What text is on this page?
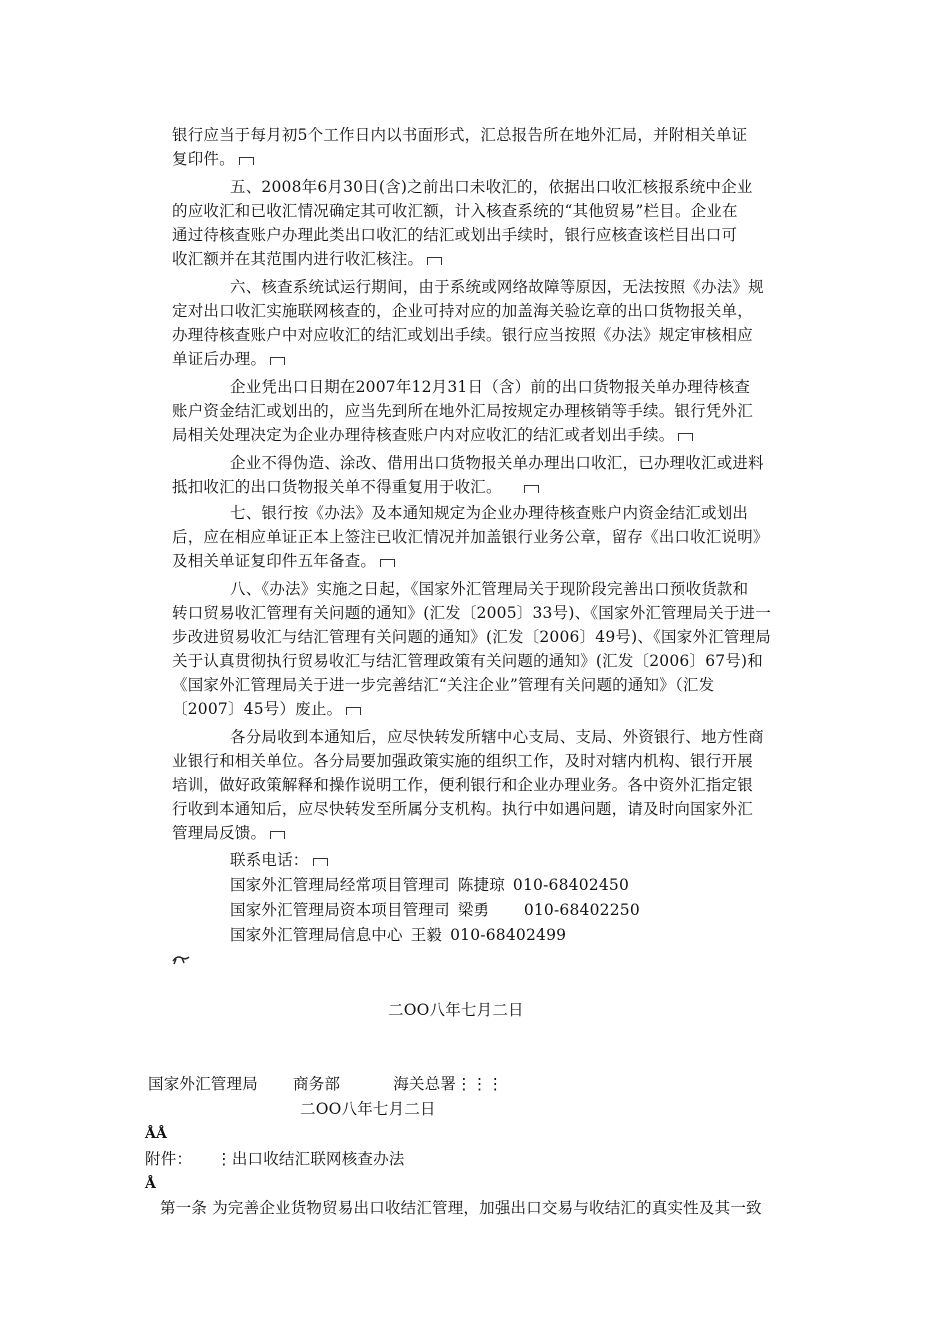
银行应当于每月初5个工作日内以书面形式，汇总报告所在地外汇局，并附相关单证
复印件。
五、2008年6月30日(含)之前出口未收汇的，依据出口收汇核报系统中企业
的应收汇和已收汇情况确定其可收汇额，计入核查系统的“其他贸易”栏目。企业在
通过待核查账户办理此类出口收汇的结汇或划出手续时，银行应核查该栏目出口可
收汇额并在其范围内进行收汇核注。
六、核查系统试运行期间，由于系统或网络故障等原因，无法按照《办法》规
定对出口收汇实施联网核查的，企业可持对应的加盖海关验讫章的出口货物报关单，
办理待核查账户中对应收汇的结汇或划出手续。银行应当按照《办法》规定审核相应
单证后办理。
企业凭出口日期在2007年12月31日（含）前的出口货物报关单办理待核查
账户资金结汇或划出的，应当先到所在地外汇局按规定办理核销等手续。银行凭外汇
局相关处理决定为企业办理待核查账户内对应收汇的结汇或者划出手续。
企业不得伪造、涂改、借用出口货物报关单办理出口收汇，已办理收汇或进料
抵扣收汇的出口货物报关单不得重复用于收汇。
七、银行按《办法》及本通知规定为企业办理待核查账户内资金结汇或划出
后，应在相应单证正本上签注已收汇情况并加盖银行业务公章，留存《出口收汇说明》
及相关单证复印件五年备查。
八、《办法》实施之日起，《国家外汇管理局关于现阶段完善出口预收货款和
转口贸易收汇管理有关问题的通知》(汇发〔2005〕33号)、《国家外汇管理局关于进一
步改进贸易收汇与结汇管理有关问题的通知》(汇发〔2006〕49号)、《国家外汇管理局
关于认真贯彻执行贸易收汇与结汇管理政策有关问题的通知》(汇发〔2006〕67号)和
《国家外汇管理局关于进一步完善结汇“关注企业”管理有关问题的通知》（汇发
〔2007〕45号）废止。
各分局收到本通知后，应尽快转发所辖中心支局、支局、外资银行、地方性商
业银行和相关单位。各分局要加强政策实施的组织工作，及时对辖内机构、银行开展
培训，做好政策解释和操作说明工作，便利银行和企业办理业务。各中资外汇指定银
行收到本通知后，应尽快转发至所属分支机构。执行中如遇问题，请及时向国家外汇
管理局反馈。
联系电话：
国家外汇管理局经常项目管理司 陈捷琼 010-68402450
国家外汇管理局资本项目管理司 梁勇 010-68402250
国家外汇管理局信息中心 王毅 010-68402499
二OO八年七月二日
国家外汇管理局 商务部	海关总署⋮⋮⋮
二OO八年七月二日
ÅÅ
附件： ⋮出口收结汇联网核查办法
Å
第一条 为完善企业货物贸易出口收结汇管理，加强出口交易与收结汇的真实性及其一致
